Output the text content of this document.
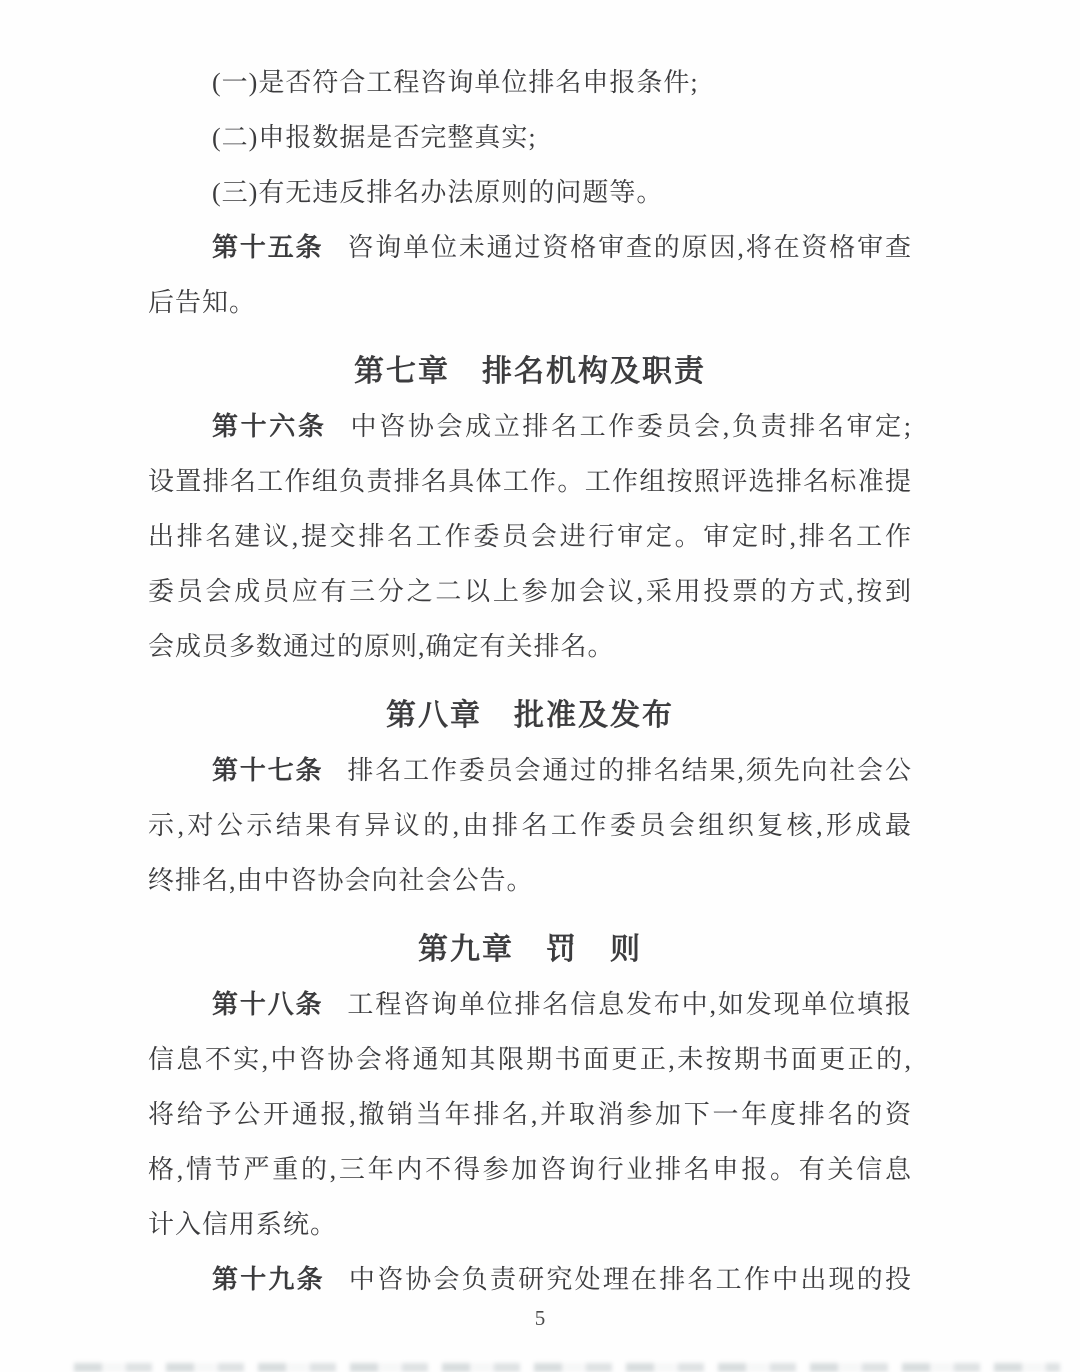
(一)是否符合工程咨询单位排名申报条件;
(二)申报数据是否完整真实;
(三)有无违反排名办法原则的问题等。
第十五条 咨询单位未通过资格审查的原因,将在资格审查
后告知。
第七章　排名机构及职责
第十六条 中咨协会成立排名工作委员会,负责排名审定;
设置排名工作组负责排名具体工作。工作组按照评选排名标准提
出排名建议,提交排名工作委员会进行审定。审定时,排名工作
委员会成员应有三分之二以上参加会议,采用投票的方式,按到
会成员多数通过的原则,确定有关排名。
第八章　批准及发布
第十七条 排名工作委员会通过的排名结果,须先向社会公
示,对公示结果有异议的,由排名工作委员会组织复核,形成最
终排名,由中咨协会向社会公告。
第九章　罚　则
第十八条 工程咨询单位排名信息发布中,如发现单位填报
信息不实,中咨协会将通知其限期书面更正,未按期书面更正的,
将给予公开通报,撤销当年排名,并取消参加下一年度排名的资
格,情节严重的,三年内不得参加咨询行业排名申报。有关信息
计入信用系统。
第十九条 中咨协会负责研究处理在排名工作中出现的投
5
